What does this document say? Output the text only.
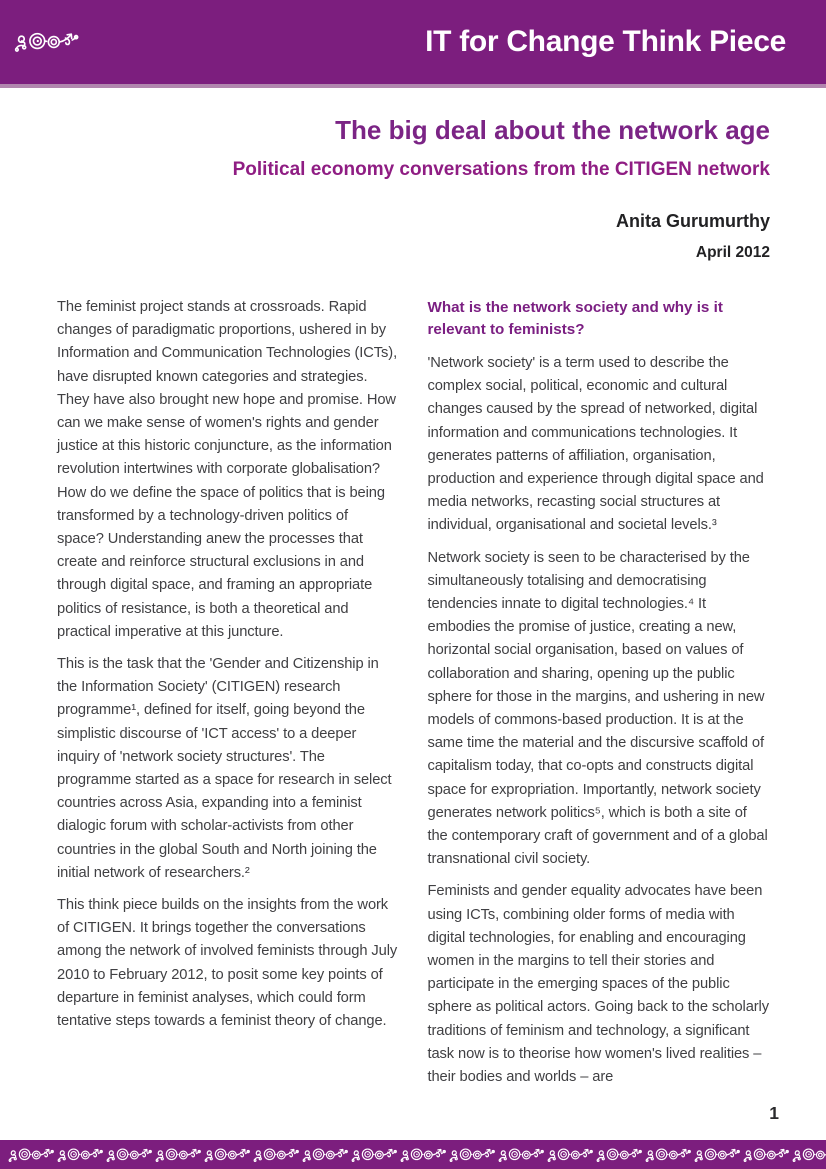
IT for Change Think Piece
The big deal about the network age
Political economy conversations from the CITIGEN network
Anita Gurumurthy
April 2012

The feminist project stands at crossroads. Rapid changes of paradigmatic proportions, ushered in by Information and Communication Technologies (ICTs), have disrupted known categories and strategies. They have also brought new hope and promise. How can we make sense of women's rights and gender justice at this historic conjuncture, as the information revolution intertwines with corporate globalisation? How do we define the space of politics that is being transformed by a technology-driven politics of space? Understanding anew the processes that create and reinforce structural exclusions in and through digital space, and framing an appropriate politics of resistance, is both a theoretical and practical imperative at this juncture.

This is the task that the 'Gender and Citizenship in the Information Society' (CITIGEN) research programme¹, defined for itself, going beyond the simplistic discourse of 'ICT access' to a deeper inquiry of 'network society structures'. The programme started as a space for research in select countries across Asia, expanding into a feminist dialogic forum with scholar-activists from other countries in the global South and North joining the initial network of researchers.²

This think piece builds on the insights from the work of CITIGEN. It brings together the conversations among the network of involved feminists through July 2010 to February 2012, to posit some key points of departure in feminist analyses, which could form tentative steps towards a feminist theory of change.

What is the network society and why is it relevant to feminists?

'Network society' is a term used to describe the complex social, political, economic and cultural changes caused by the spread of networked, digital information and communications technologies. It generates patterns of affiliation, organisation, production and experience through digital space and media networks, recasting social structures at individual, organisational and societal levels.³

Network society is seen to be characterised by the simultaneously totalising and democratising tendencies innate to digital technologies.⁴ It embodies the promise of justice, creating a new, horizontal social organisation, based on values of collaboration and sharing, opening up the public sphere for those in the margins, and ushering in new models of commons-based production. It is at the same time the material and the discursive scaffold of capitalism today, that co-opts and constructs digital space for expropriation. Importantly, network society generates network politics⁵, which is both a site of the contemporary craft of government and of a global transnational civil society.

Feminists and gender equality advocates have been using ICTs, combining older forms of media with digital technologies, for enabling and encouraging women in the margins to tell their stories and participate in the emerging spaces of the public sphere as political actors. Going back to the scholarly traditions of feminism and technology, a significant task now is to theorise how women's lived realities – their bodies and worlds – are

1
